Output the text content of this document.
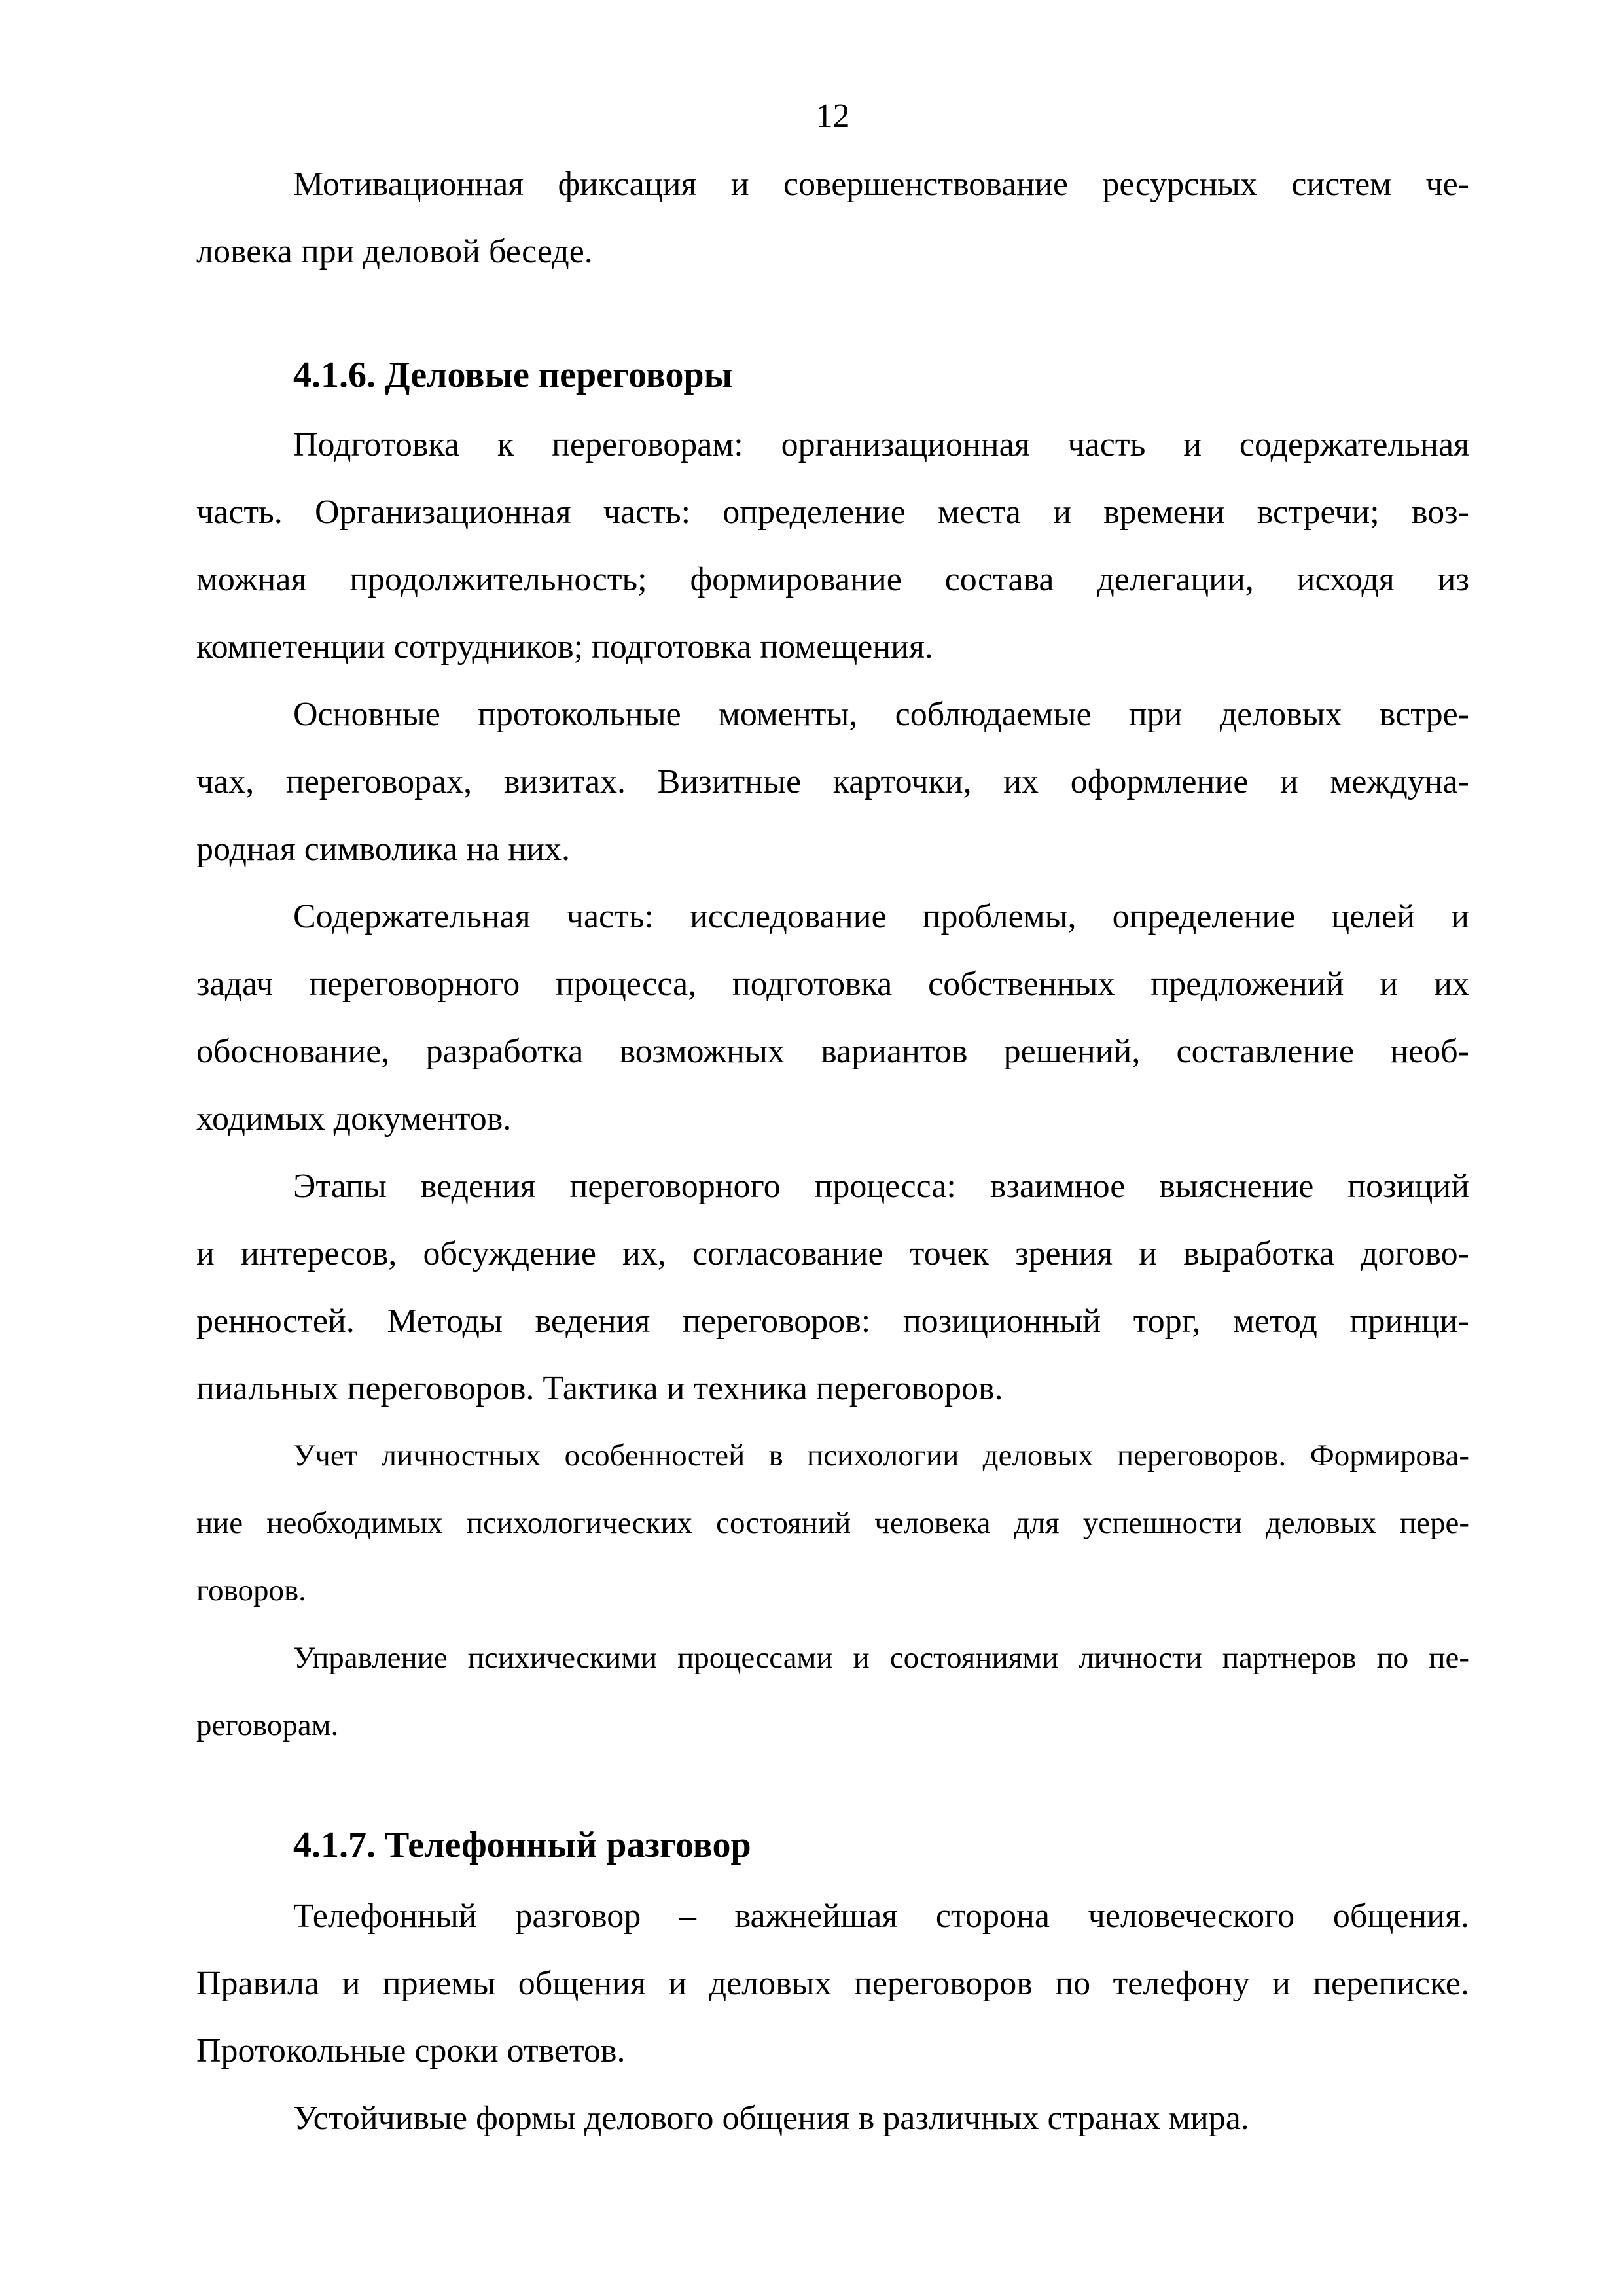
12
Мотивационная фиксация и совершенствование ресурсных систем че-
ловека при деловой беседе.
4.1.6. Деловые переговоры
Подготовка к переговорам: организационная часть и содержательная
часть. Организационная часть: определение места и времени встречи; воз-
можная продолжительность; формирование состава делегации, исходя из
компетенции сотрудников; подготовка помещения.
Основные протокольные моменты, соблюдаемые при деловых встре-
чах, переговорах, визитах. Визитные карточки, их оформление и междуна-
родная символика на них.
Содержательная часть: исследование проблемы, определение целей и
задач переговорного процесса, подготовка собственных предложений и их
обоснование, разработка возможных вариантов решений, составление необ-
ходимых документов.
Этапы ведения переговорного процесса: взаимное выяснение позиций
и интересов, обсуждение их, согласование точек зрения и выработка догово-
ренностей. Методы ведения переговоров: позиционный торг, метод принци-
пиальных переговоров. Тактика и техника переговоров.
Учет личностных особенностей в психологии деловых переговоров. Формирова-
ние необходимых психологических состояний человека для успешности деловых пере-
говоров.
Управление психическими процессами и состояниями личности партнеров по пе-
реговорам.
4.1.7. Телефонный разговор
Телефонный разговор – важнейшая сторона человеческого общения.
Правила и приемы общения и деловых переговоров по телефону и переписке.
Протокольные сроки ответов.
Устойчивые формы делового общения в различных странах мира.
